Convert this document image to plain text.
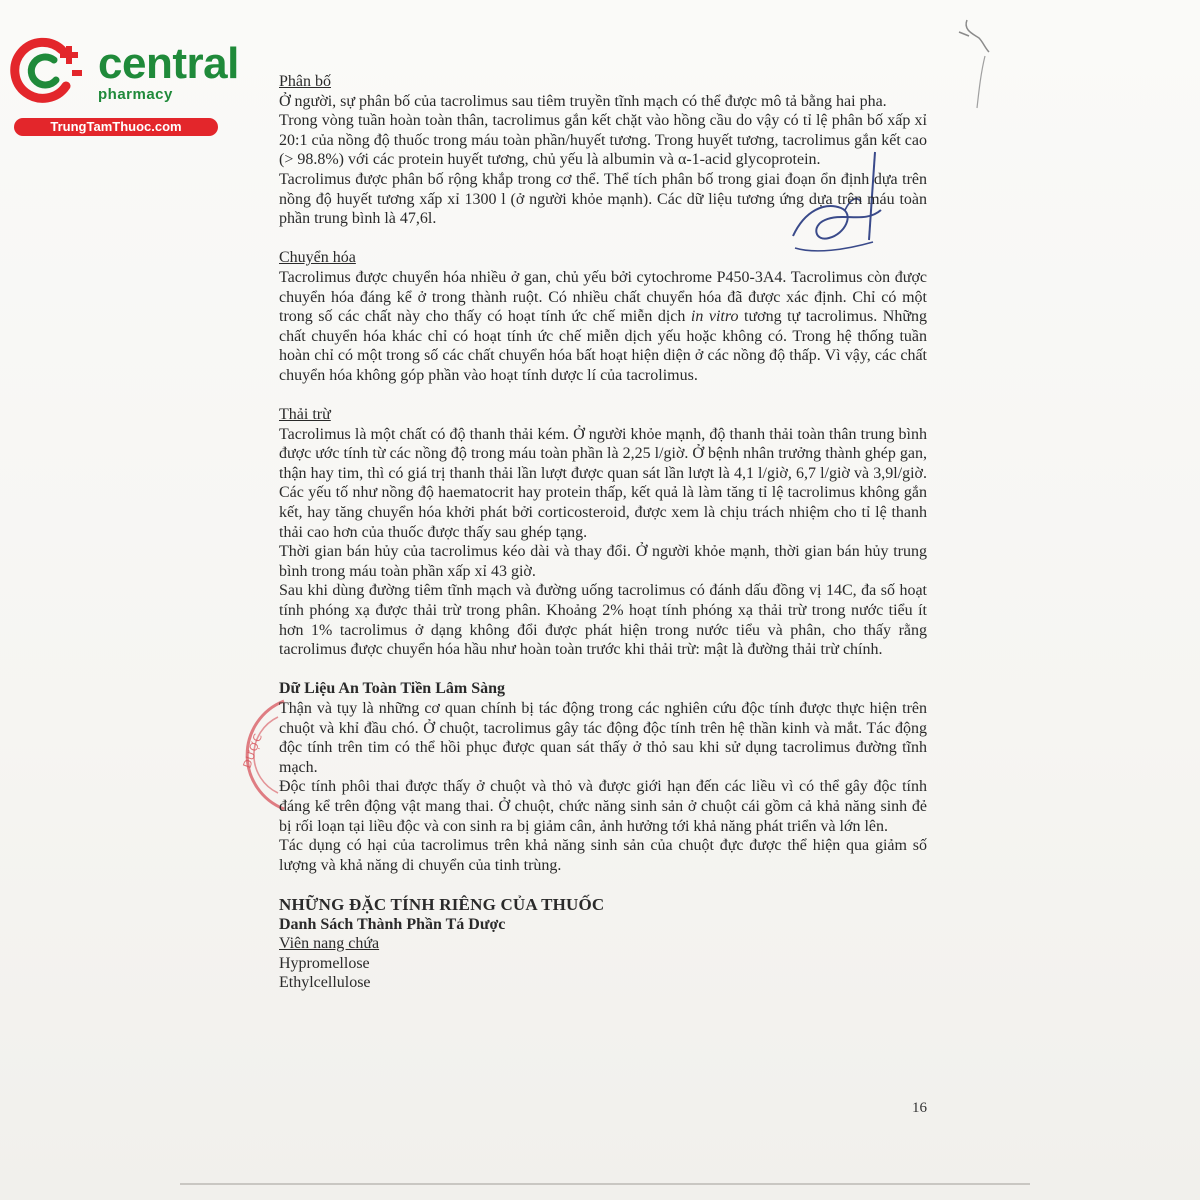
central
pharmacy
TrungTamThuoc.com
DƯỢC

Phân bố

Ở người, sự phân bố của tacrolimus sau tiêm truyền tĩnh mạch có thể được mô tả bằng hai pha.

Trong vòng tuần hoàn toàn thân, tacrolimus gắn kết chặt vào hồng cầu do vậy có tỉ lệ phân bố xấp xỉ 20:1 của nồng độ thuốc trong máu toàn phần/huyết tương. Trong huyết tương, tacrolimus gắn kết cao (> 98.8%) với các protein huyết tương, chủ yếu là albumin và α-1-acid glycoprotein.

Tacrolimus được phân bố rộng khắp trong cơ thể. Thể tích phân bố trong giai đoạn ổn định dựa trên nồng độ huyết tương xấp xỉ 1300 l (ở người khỏe mạnh). Các dữ liệu tương ứng dựa trên máu toàn phần trung bình là 47,6l.

Chuyển hóa

Tacrolimus được chuyển hóa nhiều ở gan, chủ yếu bởi cytochrome P450-3A4. Tacrolimus còn được chuyển hóa đáng kể ở trong thành ruột. Có nhiều chất chuyển hóa đã được xác định. Chỉ có một trong số các chất này cho thấy có hoạt tính ức chế miễn dịch in vitro tương tự tacrolimus. Những chất chuyển hóa khác chỉ có hoạt tính ức chế miễn dịch yếu hoặc không có. Trong hệ thống tuần hoàn chỉ có một trong số các chất chuyển hóa bất hoạt hiện diện ở các nồng độ thấp. Vì vậy, các chất chuyển hóa không góp phần vào hoạt tính dược lí của tacrolimus.

Thải trừ

Tacrolimus là một chất có độ thanh thải kém. Ở người khỏe mạnh, độ thanh thải toàn thân trung bình được ước tính từ các nồng độ trong máu toàn phần là 2,25 l/giờ. Ở bệnh nhân trưởng thành ghép gan, thận hay tim, thì có giá trị thanh thải lần lượt được quan sát lần lượt là 4,1 l/giờ, 6,7 l/giờ và 3,9l/giờ. Các yếu tố như nồng độ haematocrit hay protein thấp, kết quả là làm tăng tỉ lệ tacrolimus không gắn kết, hay tăng chuyển hóa khởi phát bởi corticosteroid, được xem là chịu trách nhiệm cho tỉ lệ thanh thải cao hơn của thuốc được thấy sau ghép tạng.

Thời gian bán hủy của tacrolimus kéo dài và thay đổi. Ở người khỏe mạnh, thời gian bán hủy trung bình trong máu toàn phần xấp xỉ 43 giờ.

Sau khi dùng đường tiêm tĩnh mạch và đường uống tacrolimus có đánh dấu đồng vị 14C, đa số hoạt tính phóng xạ được thải trừ trong phân. Khoảng 2% hoạt tính phóng xạ thải trừ trong nước tiểu ít hơn 1% tacrolimus ở dạng không đổi được phát hiện trong nước tiểu và phân, cho thấy rằng tacrolimus được chuyển hóa hầu như hoàn toàn trước khi thải trừ: mật là đường thải trừ chính.

Dữ Liệu An Toàn Tiền Lâm Sàng

Thận và tụy là những cơ quan chính bị tác động trong các nghiên cứu độc tính được thực hiện trên chuột và khỉ đầu chó. Ở chuột, tacrolimus gây tác động độc tính trên hệ thần kinh và mắt. Tác động độc tính trên tim có thể hồi phục được quan sát thấy ở thỏ sau khi sử dụng tacrolimus đường tĩnh mạch.

Độc tính phôi thai được thấy ở chuột và thỏ và được giới hạn đến các liều vì có thể gây độc tính đáng kể trên động vật mang thai. Ở chuột, chức năng sinh sản ở chuột cái gồm cả khả năng sinh đẻ bị rối loạn tại liều độc và con sinh ra bị giảm cân, ảnh hưởng tới khả năng phát triển và lớn lên.

Tác dụng có hại của tacrolimus trên khả năng sinh sản của chuột đực được thể hiện qua giảm số lượng và khả năng di chuyển của tinh trùng.

NHỮNG ĐẶC TÍNH RIÊNG CỦA THUỐC

Danh Sách Thành Phần Tá Dược

Viên nang chứa

Hypromellose

Ethylcellulose

16
